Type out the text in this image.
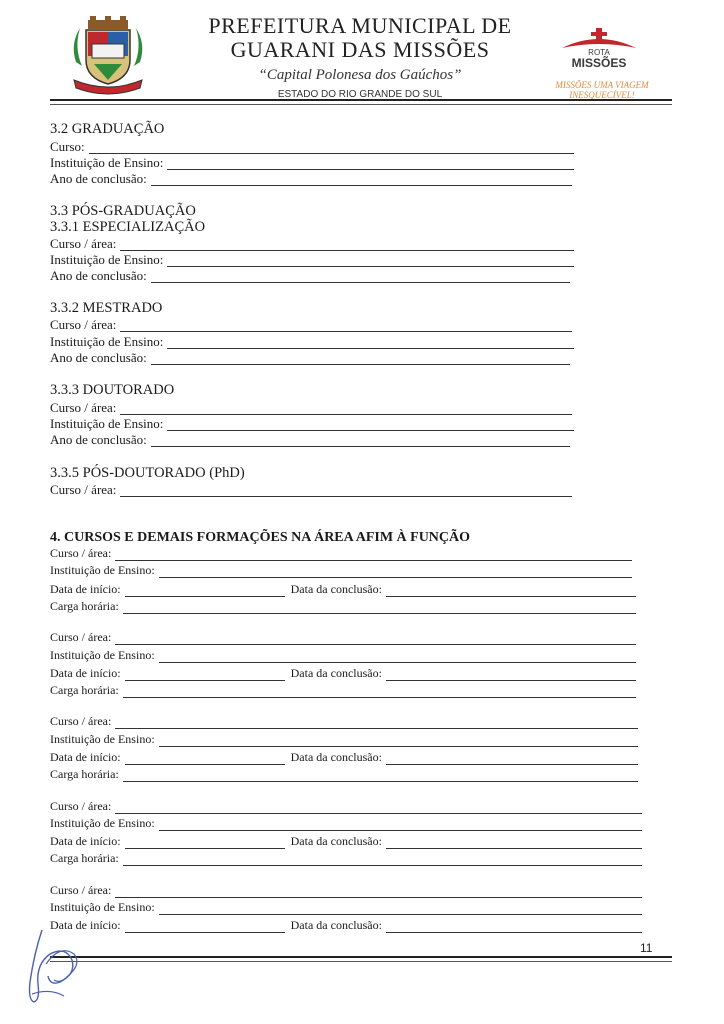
PREFEITURA MUNICIPAL DE
GUARANI DAS MISSÕES
“Capital Polonesa dos Gaúchos”
ESTADO DO RIO GRANDE DO SUL
ROTA
MISSÕES
MISSÕES UMA VIAGEM
INESQUECÍVEL!
3.2 GRADUAÇÃO
Curso:
Instituição de Ensino:
Ano de conclusão:
3.3 PÓS-GRADUAÇÃO
3.3.1 ESPECIALIZAÇÃO
Curso / área:
Instituição de Ensino:
Ano de conclusão:
3.3.2 MESTRADO
Curso / área:
Instituição de Ensino:
Ano de conclusão:
3.3.3 DOUTORADO
Curso / área:
Instituição de Ensino:
Ano de conclusão:
3.3.5 PÓS-DOUTORADO (PhD)
Curso / área:
4. CURSOS E DEMAIS FORMAÇÕES NA ÁREA AFIM À FUNÇÃO
Curso / área:
Instituição de Ensino:
Data de início:	Data da conclusão:
Carga horária:
Curso / área:
Instituição de Ensino:
Data de início:	Data da conclusão:
Carga horária:
Curso / área:
Instituição de Ensino:
Data de início:	Data da conclusão:
Carga horária:
Curso / área:
Instituição de Ensino:
Data de início:	Data da conclusão:
Carga horária:
Curso / área:
Instituição de Ensino:
Data de início:	Data da conclusão:
11
